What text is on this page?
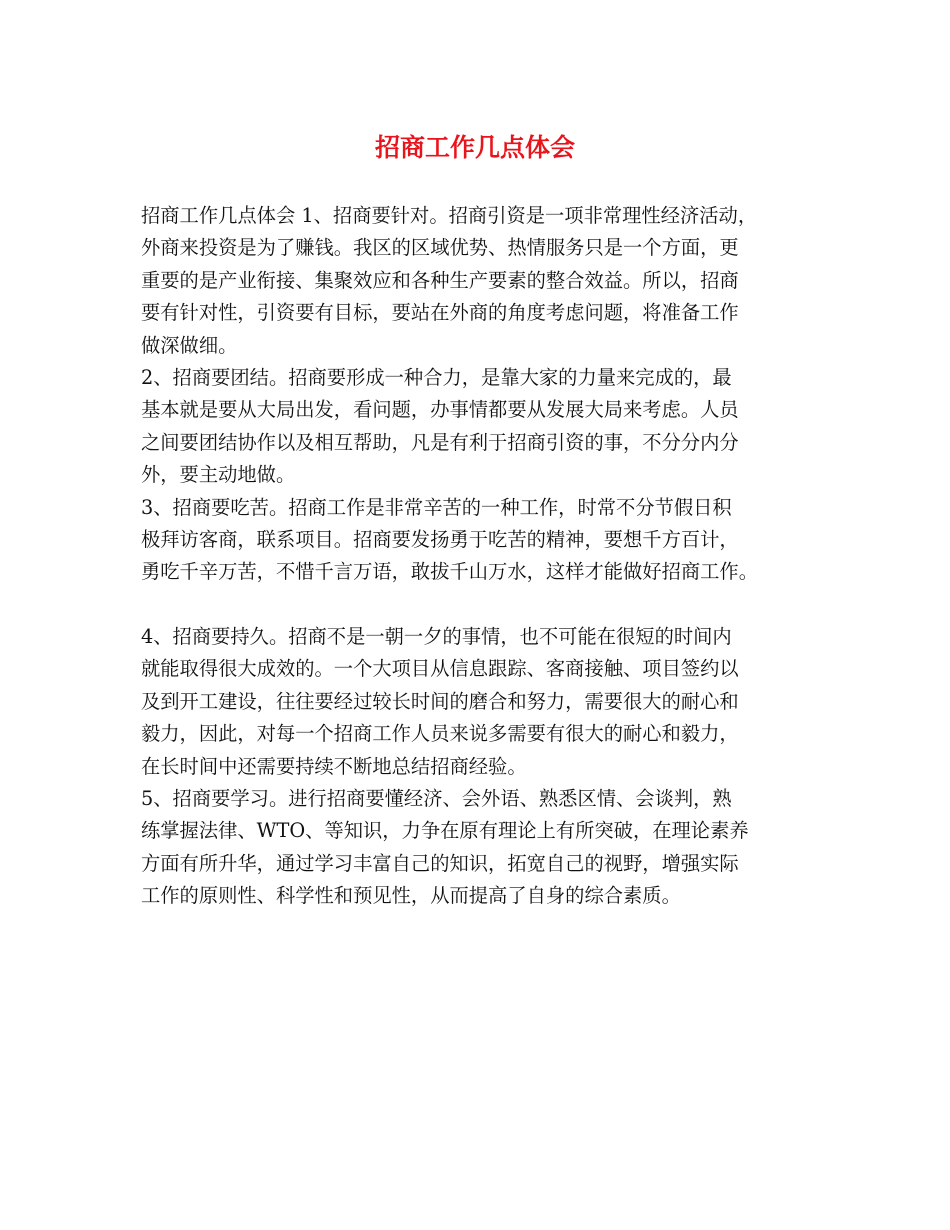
招商工作几点体会
招商工作几点体会 1、招商要针对。招商引资是一项非常理性经济活动，
外商来投资是为了赚钱。我区的区域优势、热情服务只是一个方面，更
重要的是产业衔接、集聚效应和各种生产要素的整合效益。所以，招商
要有针对性，引资要有目标，要站在外商的角度考虑问题，将准备工作
做深做细。
2、招商要团结。招商要形成一种合力，是靠大家的力量来完成的，最
基本就是要从大局出发，看问题，办事情都要从发展大局来考虑。人员
之间要团结协作以及相互帮助，凡是有利于招商引资的事，不分分内分
外，要主动地做。
3、招商要吃苦。招商工作是非常辛苦的一种工作，时常不分节假日积
极拜访客商，联系项目。招商要发扬勇于吃苦的精神，要想千方百计，
勇吃千辛万苦，不惜千言万语，敢拔千山万水，这样才能做好招商工作。
4、招商要持久。招商不是一朝一夕的事情，也不可能在很短的时间内
就能取得很大成效的。一个大项目从信息跟踪、客商接触、项目签约以
及到开工建设，往往要经过较长时间的磨合和努力，需要很大的耐心和
毅力，因此，对每一个招商工作人员来说多需要有很大的耐心和毅力，
在长时间中还需要持续不断地总结招商经验。
5、招商要学习。进行招商要懂经济、会外语、熟悉区情、会谈判，熟
练掌握法律、WTO、等知识，力争在原有理论上有所突破，在理论素养
方面有所升华，通过学习丰富自己的知识，拓宽自己的视野，增强实际
工作的原则性、科学性和预见性，从而提高了自身的综合素质。
